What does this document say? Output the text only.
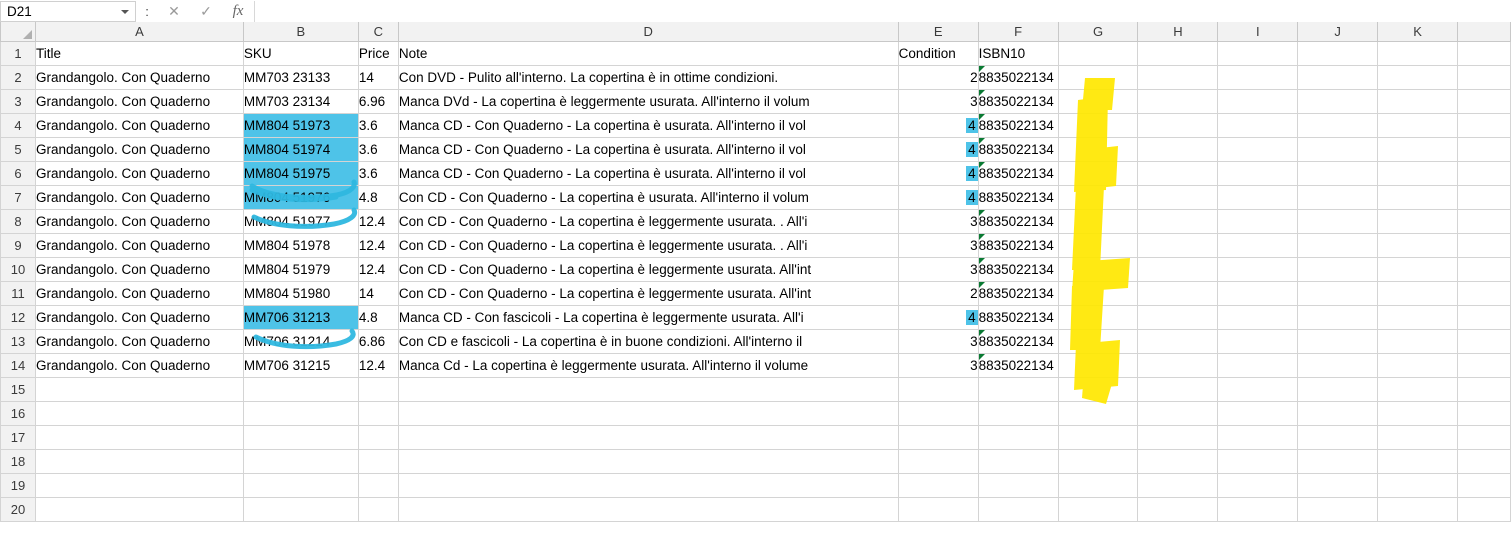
D21	:	✕	✓	fx
	A	B	C	D	E	F	G	H	I	J	K	
1	Title	SKU	Price	Note	Condition	ISBN10						
2	Grandangolo. Con Quaderno	MM703 23133	14	Con DVD - Pulito all'interno. La copertina è in ottime condizioni.	2	8835022134						
3	Grandangolo. Con Quaderno	MM703 23134	6.96	Manca DVd - La copertina è leggermente usurata. All'interno il volum	3	8835022134						
4	Grandangolo. Con Quaderno	MM804 51973	3.6	Manca CD - Con Quaderno - La copertina è usurata. All'interno il vol	4	8835022134						
5	Grandangolo. Con Quaderno	MM804 51974	3.6	Manca CD - Con Quaderno - La copertina è usurata. All'interno il vol	4	8835022134						
6	Grandangolo. Con Quaderno	MM804 51975	3.6	Manca CD - Con Quaderno - La copertina è usurata. All'interno il vol	4	8835022134						
7	Grandangolo. Con Quaderno	MM804 51976	4.8	Con CD - Con Quaderno - La copertina è usurata. All'interno il volum	4	8835022134						
8	Grandangolo. Con Quaderno	MM804 51977	12.4	Con CD - Con Quaderno - La copertina è leggermente usurata. . All'i	3	8835022134						
9	Grandangolo. Con Quaderno	MM804 51978	12.4	Con CD - Con Quaderno - La copertina è leggermente usurata. . All'i	3	8835022134						
10	Grandangolo. Con Quaderno	MM804 51979	12.4	Con CD - Con Quaderno - La copertina è leggermente usurata. All'int	3	8835022134						
11	Grandangolo. Con Quaderno	MM804 51980	14	Con CD - Con Quaderno - La copertina è leggermente usurata. All'int	2	8835022134						
12	Grandangolo. Con Quaderno	MM706 31213	4.8	Manca CD - Con fascicoli - La copertina è leggermente usurata. All'i	4	8835022134						
13	Grandangolo. Con Quaderno	MM706 31214	6.86	Con CD e fascicoli - La copertina è in buone condizioni. All'interno il	3	8835022134						
14	Grandangolo. Con Quaderno	MM706 31215	12.4	Manca Cd - La copertina è leggermente usurata. All'interno il volume	3	8835022134						
15												
16												
17												
18												
19												
20												
